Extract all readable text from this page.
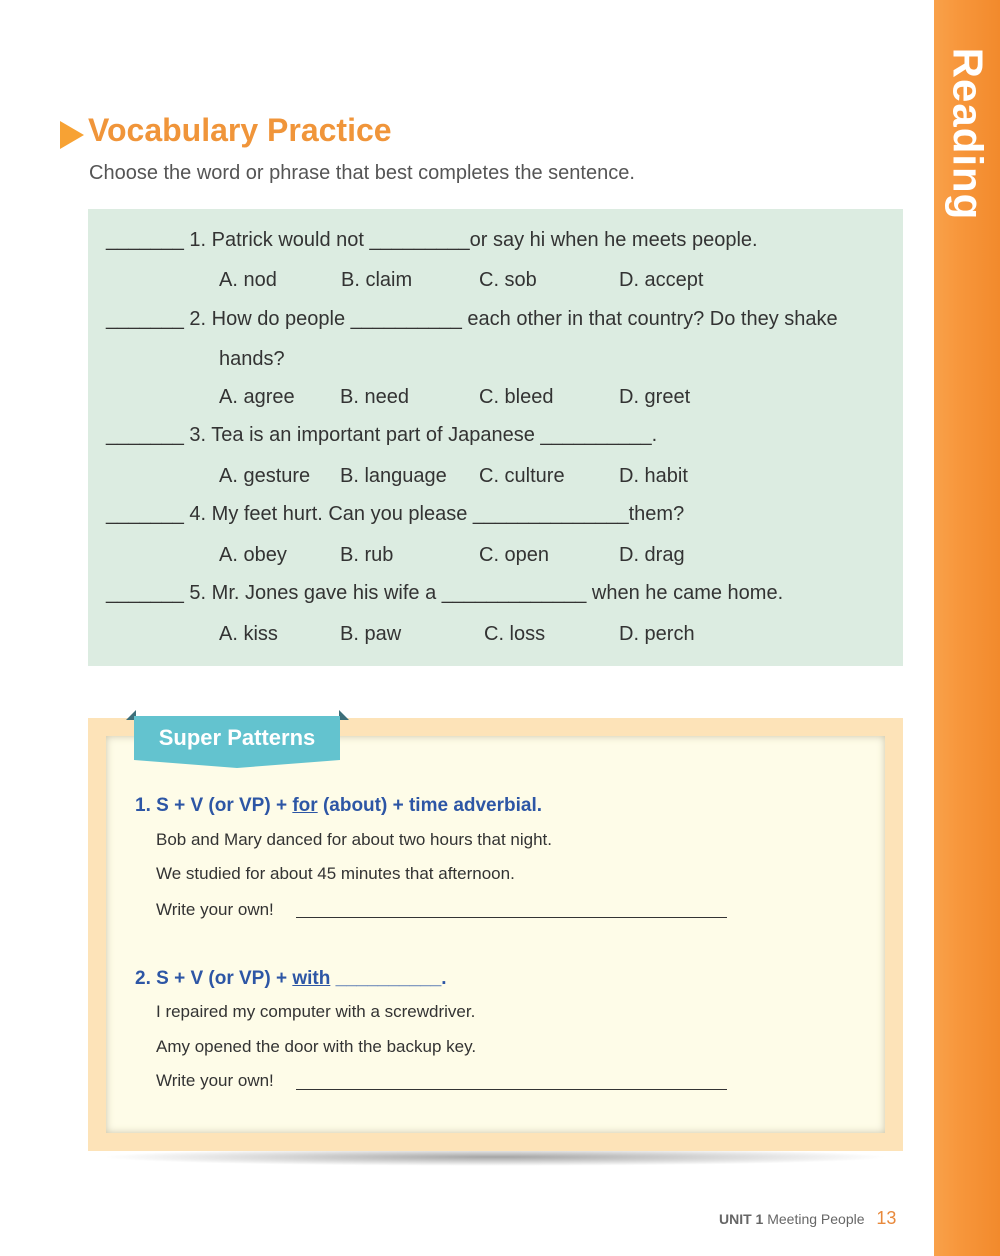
Reading
Vocabulary Practice
Choose the word or phrase that best completes the sentence.
_______ 1. Patrick would not _________or say hi when he meets people.
A. nod	B. claim	C. sob	D. accept
_______ 2. How do people __________ each other in that country? Do they shake
hands?
A. agree B. need	C. bleed	D. greet
_______ 3. Tea is an important part of Japanese __________.
A. gesture B. language C. culture	D. habit
_______ 4. My feet hurt. Can you please ______________them?
A. obey	B. rub	C. open	D. drag
_______ 5. Mr. Jones gave his wife a _____________ when he came home.
A. kiss	B. paw	C. loss	D. perch
Super Patterns
1. S + V (or VP) + for (about) + time adverbial.
Bob and Mary danced for about two hours that night.
We studied for about 45 minutes that afternoon.
Write your own!
2. S + V (or VP) + with __________.
I repaired my computer with a screwdriver.
Amy opened the door with the backup key.
Write your own!
UNIT 1 Meeting People 13
